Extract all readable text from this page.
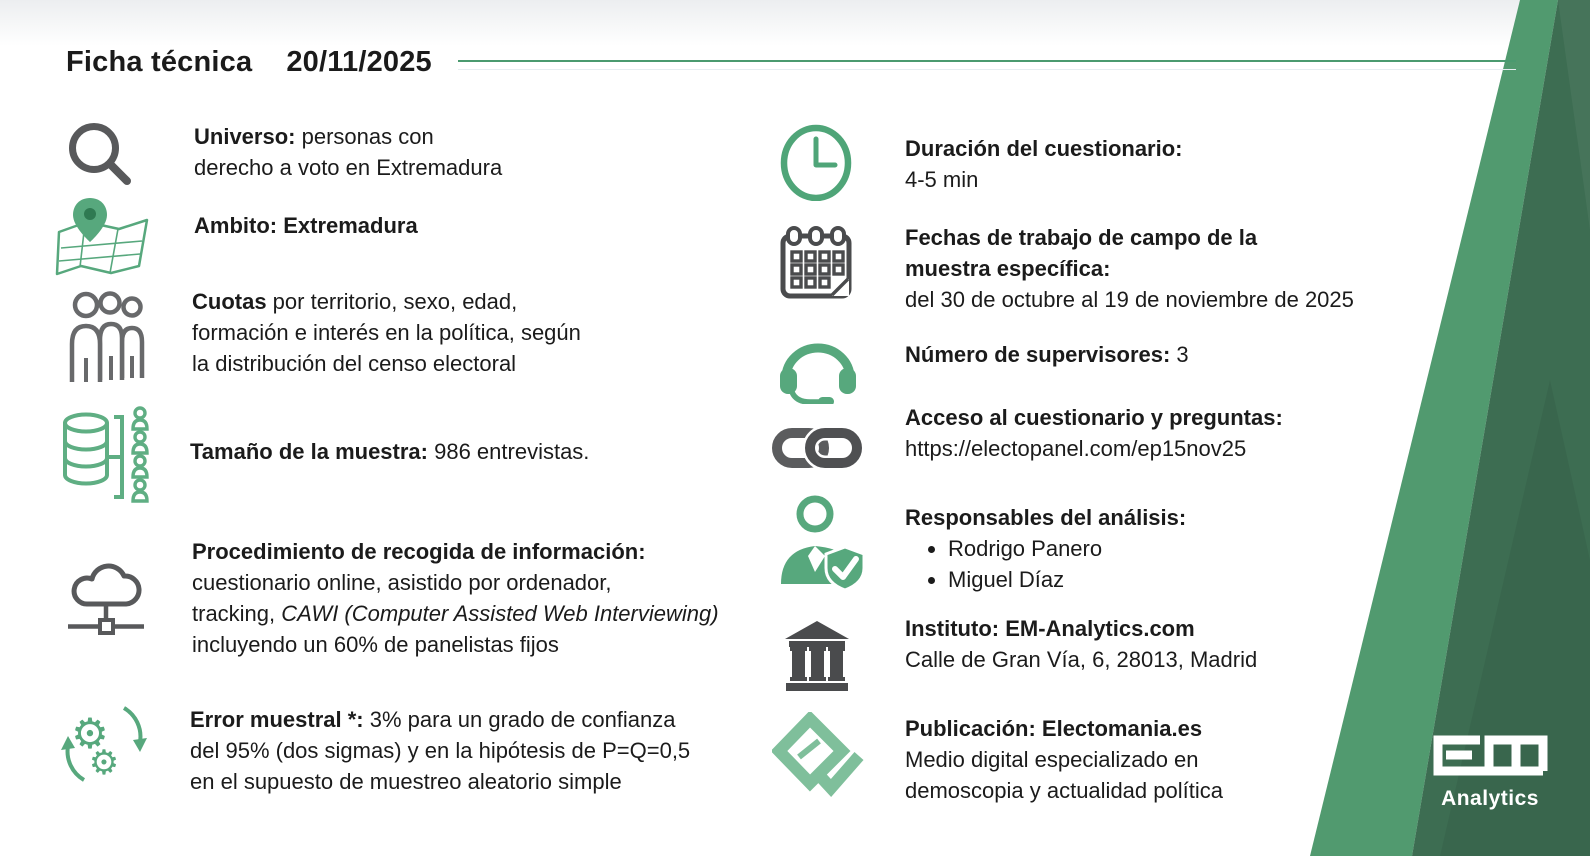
Ficha técnica 20/11/2025
Universo: personas con
derecho a voto en Extremadura
Ambito: Extremadura
Cuotas por territorio, sexo, edad,
formación e interés en la política, según
la distribución del censo electoral
Tamaño de la muestra: 986 entrevistas.
Procedimiento de recogida de información:
cuestionario online, asistido por ordenador,
tracking, CAWI (Computer Assisted Web Interviewing)
incluyendo un 60% de panelistas fijos
⚙
⚙
Error muestral *: 3% para un grado de confianza
del 95% (dos sigmas) y en la hipótesis de P=Q=0,5
en el supuesto de muestreo aleatorio simple
Duración del cuestionario:
4-5 min
Fechas de trabajo de campo de la
muestra específica:
del 30 de octubre al 19 de noviembre de 2025
Número de supervisores: 3
Acceso al cuestionario y preguntas:
https://electopanel.com/ep15nov25
Responsables del análisis:
• Rodrigo Panero
• Miguel Díaz
Instituto: EM-Analytics.com
Calle de Gran Vía, 6, 28013, Madrid
Publicación: Electomania.es
Medio digital especializado en
demoscopia y actualidad política	Analytics
